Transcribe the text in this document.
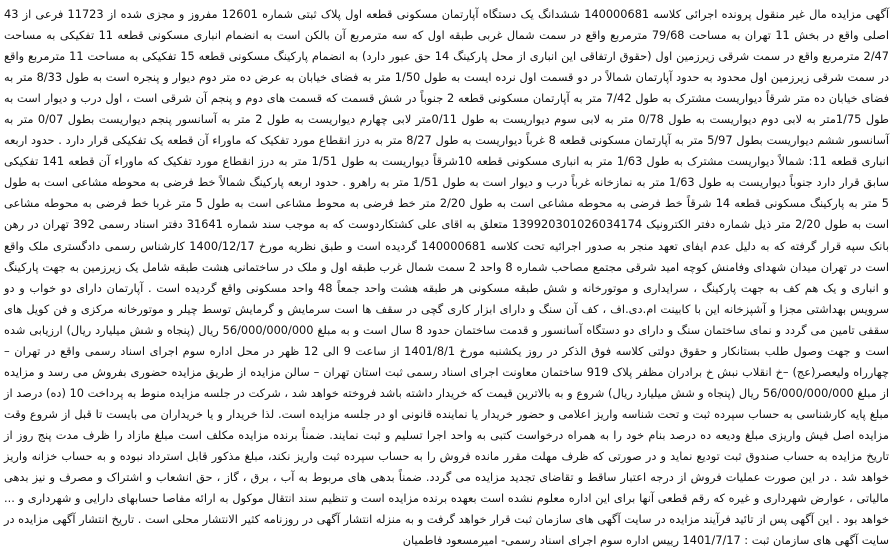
آگهی مزایده مال غیر منقول پرونده اجرائی کلاسه 140000681 ششدانگ یک دستگاه آپارتمان مسکونی قطعه اول پلاک ثبتی شماره 12601 مفروز و مجزی شده از 11723 فرعی از 43 اصلی واقع در بخش 11 تهران به مساحت 79/68 مترمربع واقع در سمت شمال غربی طبقه اول که سه مترمربع آن بالکن است به انضمام انباری مسکونی قطعه 11 تفکیکی به مساحت 2/47 مترمربع واقع در سمت شرقی زیرزمین اول (حقوق ارتفاقی این انباری از محل پارکینگ 14 حق عبور دارد) به انضمام پارکینگ مسکونی قطعه 15 تفکیکی به مساحت 11 مترمربع واقع در سمت شرقی زیرزمین اول محدود به حدود آپارتمان شمالاً در دو قسمت اول نرده ایست به طول 1/50 متر به فضای خیابان به عرض ده متر دوم دیوار و پنجره است به طول 8/33 متر به فضای خیابان ده متر شرقاً دیواریست مشترک به طول 7/42 متر به آپارتمان مسکونی قطعه 2 جنوباً در شش قسمت که قسمت های دوم و پنجم آن شرقی است ، اول درب و دیوار است به طول 1/75متر به لابی دوم دیواریست به طول 0/78 متر به لابی سوم دیواریست به طول 0/11متر لابی چهارم دیواریست به طول 2 متر به آسانسور پنجم دیواریست بطول 0/07 متر به آسانسور ششم دیواریست بطول 5/97 متر به آپارتمان مسکونی قطعه 8 غرباً دیواریست به طول 8/27 متر به درز انقطاع مورد تفکیک که ماوراء آن قطعه یک تفکیکی قرار دارد . حدود اربعه انباری قطعه 11: شمالاً دیواریست مشترک به طول 1/63 متر به انباری مسکونی قطعه 10شرقاً دیواریست به طول 1/51 متر به درز انقطاع مورد تفکیک که ماوراء آن قطعه 141 تفکیکی سابق قرار دارد جنوباً دیواریست به طول 1/63 متر به نمازخانه غرباً درب و دیوار است به طول 1/51 متر به راهرو . حدود اربعه پارکینگ شمالاً خط فرضی به محوطه مشاعی است به طول 5 متر به پارکینگ مسکونی قطعه 14 شرقاً خط فرضی به محوطه مشاعی است به طول 2/20 متر خط فرضی به محوط مشاعی است به طول 5 متر غربا خط فرضی به محوطه مشاعی است به طول 2/20 متر ذیل شماره دفتر الکترونیک 139920301026034174 متعلق به اقای علی کشتکاردوست که به موجب سند شماره 31641 دفتر اسناد رسمی 392 تهران در رهن بانک سپه قرار گرفته که به دلیل عدم ایفای تعهد منجر به صدور اجرائیه تحت کلاسه 140000681 گردیده است و طبق نظریه مورخ 1400/12/17 کارشناس رسمی دادگستری ملک واقع است در تهران میدان شهدای وفامنش کوچه امید شرقی مجتمع مصاحب شماره 8 واحد 2 سمت شمال غرب طبقه اول و ملک در ساختمانی هشت طبقه شامل یک زیرزمین به جهت پارکینگ و انباری و یک هم کف به جهت پارکینگ ، سرایداری و موتورخانه و شش طبقه مسکونی هر طبقه هشت واحد جمعاً 48 واحد مسکونی واقع گردیده است . آپارتمان دارای دو خواب و دو سرویس بهداشتی مجزا و آشپزخانه این با کابینت ام.دی.اف ، کف آن سنگ و دارای ابزار کاری گچی در سقف ها است سرمایش و گرمایش توسط چیلر و موتورخانه مرکزی و فن کویل های سقفی تامین می گردد و نمای ساختمان سنگ و دارای دو دستگاه آسانسور و قدمت ساختمان حدود 8 سال است و به مبلغ 56/000/000/000 ریال (پنجاه و شش میلیارد ریال) ارزیابی شده است و جهت وصول طلب بستانکار و حقوق دولتی کلاسه فوق الذکر در روز یکشنبه مورخ 1401/8/1 از ساعت 9 الی 12 ظهر در محل اداره سوم اجرای اسناد رسمی واقع در تهران – چهارراه ولیعصر(عج) –خ انقلاب نبش خ برادران مظفر پلاک 919 ساختمان معاونت اجرای اسناد رسمی ثبت استان تهران – سالن مزایده از طریق مزایده حضوری بفروش می رسد و مزایده از مبلغ 56/000/000/000 ریال (پنجاه و شش میلیارد ریال) شروع و به بالاترین قیمت که خریدار داشته باشد فروخته خواهد شد ، شرکت در جلسه مزایده منوط به پرداخت 10 (ده) درصد از مبلغ پایه کارشناسی به حساب سپرده ثبت و تحت شناسه واریز اعلامی و حضور خریدار یا نماینده قانونی او در جلسه مزایده است. لذا خریدار و یا خریداران می بایست تا قبل از شروع وقت مزایده اصل فیش واریزی مبلغ ودیعه ده درصد بنام خود را به همراه درخواست کتبی به واحد اجرا تسلیم و ثبت نمایند. ضمناً برنده مزایده مکلف است مبلغ مازاد را ظرف مدت پنج روز از تاریخ مزایده به حساب صندوق ثبت تودیع نماید و در صورتی که ظرف مهلت مقرر مانده فروش را به حساب سپرده ثبت واریز نکند، مبلغ مذکور قابل استرداد نبوده و به حساب خزانه واریز خواهد شد . در این صورت عملیات فروش از درجه اعتبار ساقط و تقاضای تجدید مزایده می گردد. ضمناً بدهی های مربوط به آب ، برق ، گاز ، حق انشعاب و اشتراک و مصرف و نیز بدهی مالیاتی ، عوارض شهرداری و غیره که رقم قطعی آنها برای این اداره معلوم نشده است بعهده برنده مزایده است و تنظیم سند انتقال موکول به ارائه مفاصا حسابهای دارایی و شهرداری و ... خواهد بود . این آگهی پس از تائید فرآیند مزایده در سایت آگهی های سازمان ثبت قرار خواهد گرفت و به منزله انتشار آگهی در روزنامه کثیر الانتشار محلی است . تاریخ انتشار آگهی مزایده در سایت آگهی های سازمان ثبت : 1401/7/17 رییس اداره سوم اجرای اسناد رسمی- امیرمسعود فاطمیان
